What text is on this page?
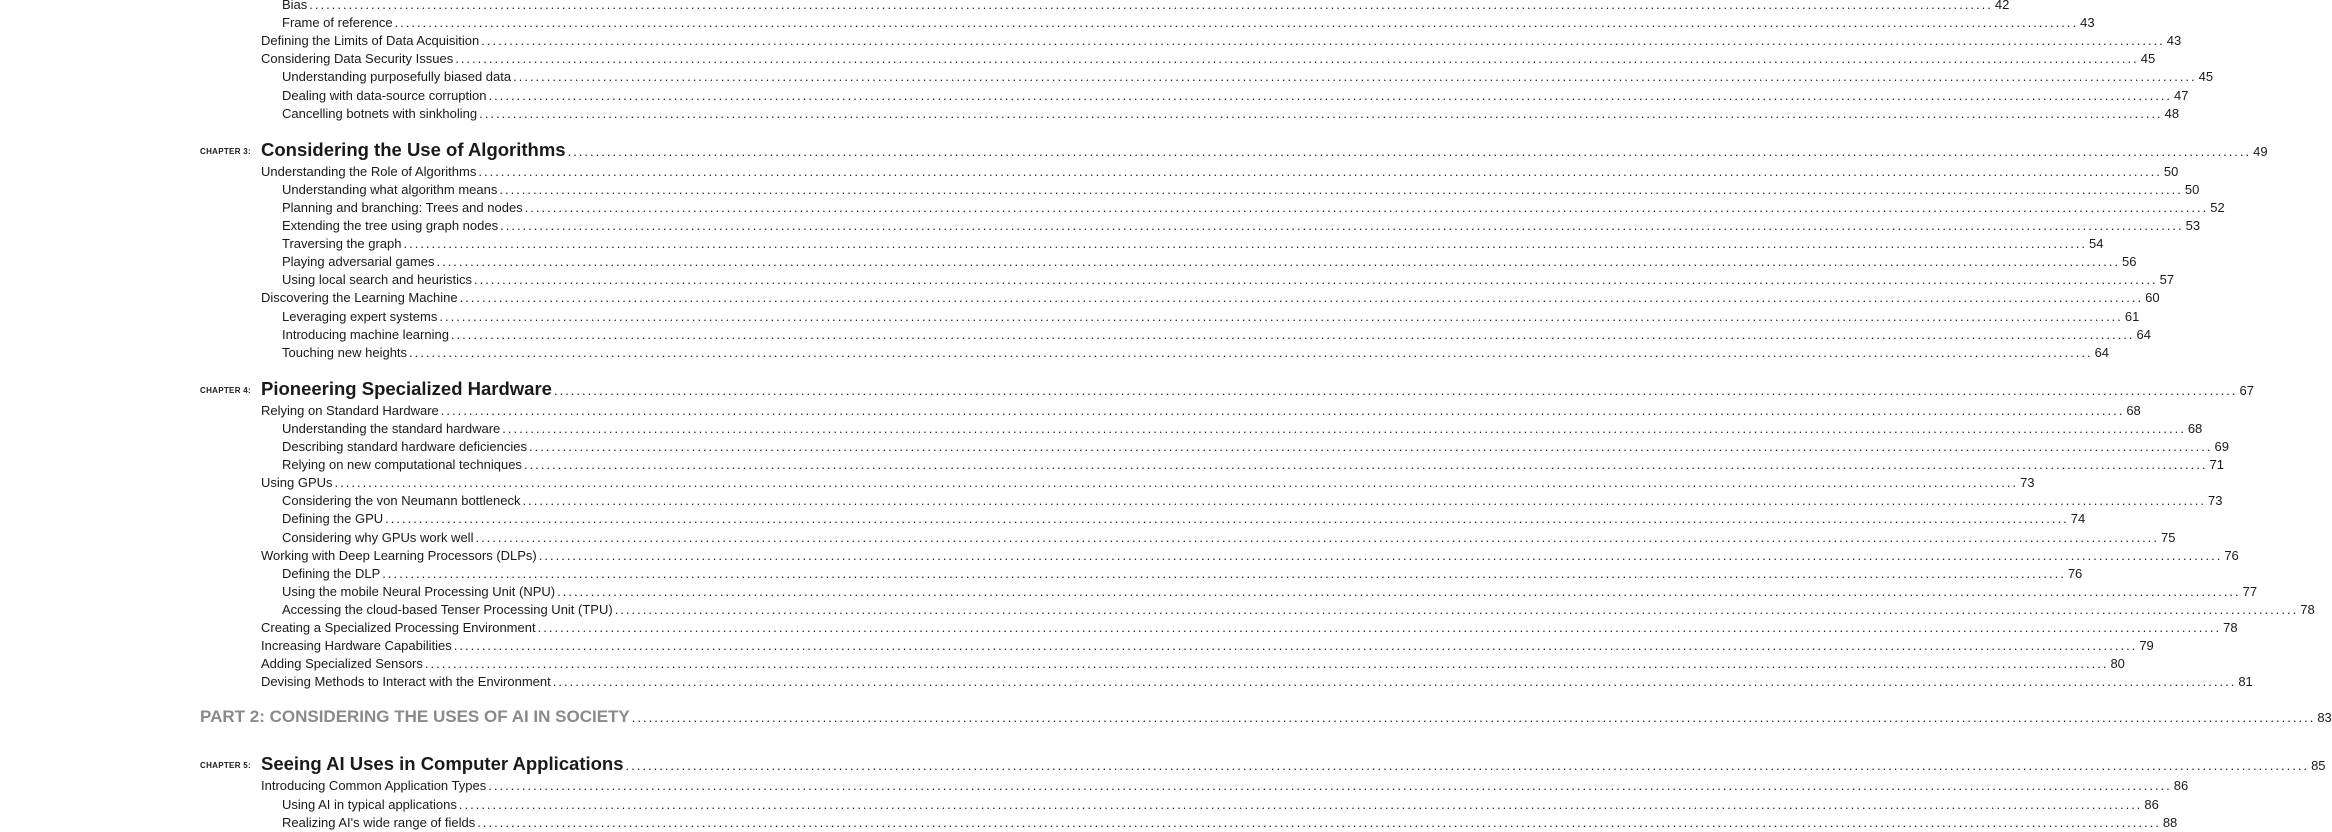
Bias ............................................................................................................................................................................................................................................................................................................ 42
Frame of reference ............................................................................................................................................................................................................................................................................................................ 43
Defining the Limits of Data Acquisition ............................................................................................................................................................................................................................................................................................................ 43
Considering Data Security Issues ............................................................................................................................................................................................................................................................................................................ 45
Understanding purposefully biased data ............................................................................................................................................................................................................................................................................................................ 45
Dealing with data-source corruption ............................................................................................................................................................................................................................................................................................................ 47
Cancelling botnets with sinkholing ............................................................................................................................................................................................................................................................................................................ 48
CHAPTER 3: Considering the Use of Algorithms ............................................................................................................................................................................................................................................................................................................ 49
Understanding the Role of Algorithms ............................................................................................................................................................................................................................................................................................................ 50
Understanding what algorithm means ............................................................................................................................................................................................................................................................................................................ 50
Planning and branching: Trees and nodes ............................................................................................................................................................................................................................................................................................................ 52
Extending the tree using graph nodes ............................................................................................................................................................................................................................................................................................................ 53
Traversing the graph ............................................................................................................................................................................................................................................................................................................ 54
Playing adversarial games ............................................................................................................................................................................................................................................................................................................ 56
Using local search and heuristics ............................................................................................................................................................................................................................................................................................................ 57
Discovering the Learning Machine ............................................................................................................................................................................................................................................................................................................ 60
Leveraging expert systems ............................................................................................................................................................................................................................................................................................................ 61
Introducing machine learning ............................................................................................................................................................................................................................................................................................................ 64
Touching new heights ............................................................................................................................................................................................................................................................................................................ 64
CHAPTER 4: Pioneering Specialized Hardware ............................................................................................................................................................................................................................................................................................................ 67
Relying on Standard Hardware ............................................................................................................................................................................................................................................................................................................ 68
Understanding the standard hardware ............................................................................................................................................................................................................................................................................................................ 68
Describing standard hardware deficiencies ............................................................................................................................................................................................................................................................................................................ 69
Relying on new computational techniques ............................................................................................................................................................................................................................................................................................................ 71
Using GPUs ............................................................................................................................................................................................................................................................................................................ 73
Considering the von Neumann bottleneck ............................................................................................................................................................................................................................................................................................................ 73
Defining the GPU ............................................................................................................................................................................................................................................................................................................ 74
Considering why GPUs work well ............................................................................................................................................................................................................................................................................................................ 75
Working with Deep Learning Processors (DLPs) ............................................................................................................................................................................................................................................................................................................ 76
Defining the DLP ............................................................................................................................................................................................................................................................................................................ 76
Using the mobile Neural Processing Unit (NPU) ............................................................................................................................................................................................................................................................................................................ 77
Accessing the cloud-based Tenser Processing Unit (TPU) ............................................................................................................................................................................................................................................................................................................ 78
Creating a Specialized Processing Environment ............................................................................................................................................................................................................................................................................................................ 78
Increasing Hardware Capabilities ............................................................................................................................................................................................................................................................................................................ 79
Adding Specialized Sensors ............................................................................................................................................................................................................................................................................................................ 80
Devising Methods to Interact with the Environment ............................................................................................................................................................................................................................................................................................................ 81
PART 2: CONSIDERING THE USES OF AI IN SOCIETY ............................................................................................................................................................................................................................................................................................................ 83
CHAPTER 5: Seeing AI Uses in Computer Applications ............................................................................................................................................................................................................................................................................................................ 85
Introducing Common Application Types ............................................................................................................................................................................................................................................................................................................ 86
Using AI in typical applications ............................................................................................................................................................................................................................................................................................................ 86
Realizing AI's wide range of fields ............................................................................................................................................................................................................................................................................................................ 88
